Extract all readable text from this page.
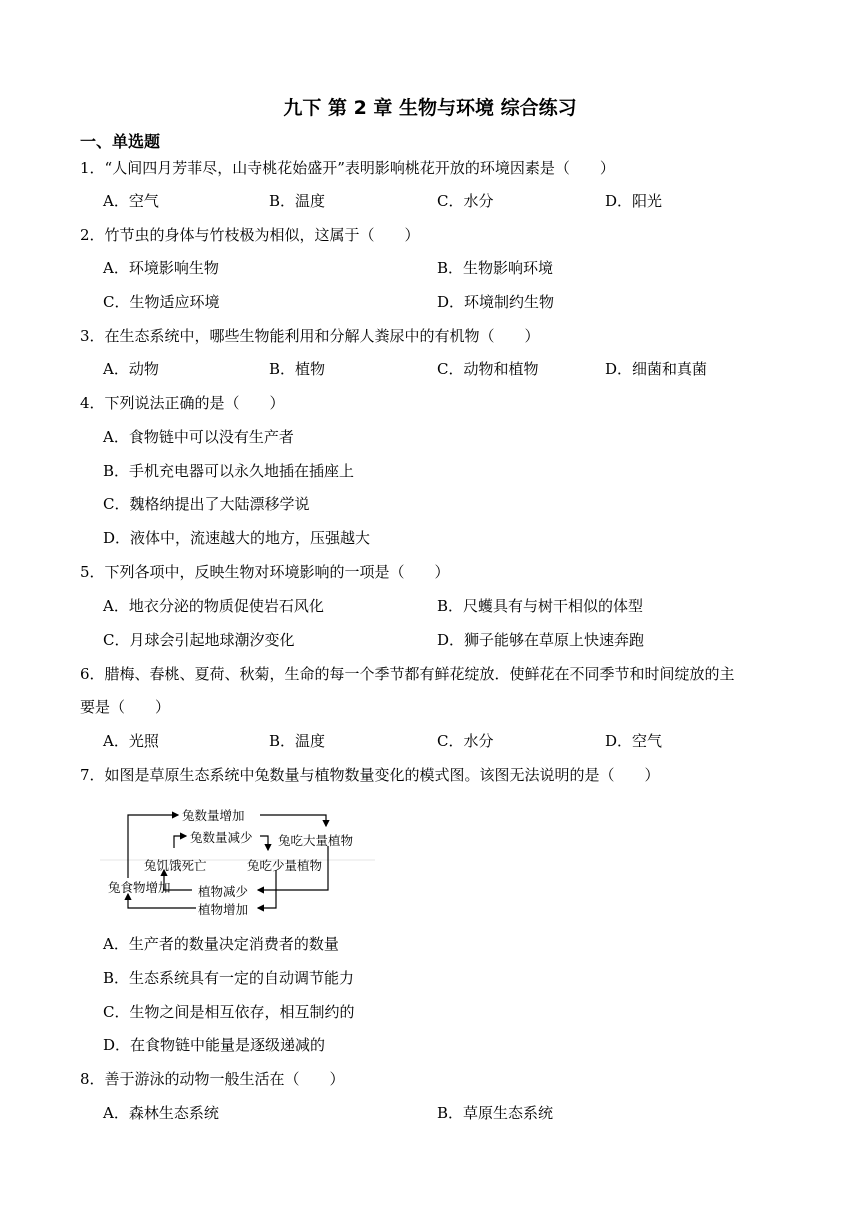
九下 第 2 章 生物与环境 综合练习
一、单选题
1．“人间四月芳菲尽，山寺桃花始盛开”表明影响桃花开放的环境因素是（　　）
A．空气	B．温度	C．水分	D．阳光
2．竹节虫的身体与竹枝极为相似，这属于（　　）
A．环境影响生物	B．生物影响环境
C．生物适应环境	D．环境制约生物
3．在生态系统中，哪些生物能利用和分解人粪尿中的有机物（　　）
A．动物	B．植物	C．动物和植物	D．细菌和真菌
4．下列说法正确的是（　　）
A．食物链中可以没有生产者
B．手机充电器可以永久地插在插座上
C．魏格纳提出了大陆漂移学说
D．液体中，流速越大的地方，压强越大
5．下列各项中，反映生物对环境影响的一项是（　　）
A．地衣分泌的物质促使岩石风化	B．尺蠖具有与树干相似的体型
C．月球会引起地球潮汐变化	D．狮子能够在草原上快速奔跑
6．腊梅、春桃、夏荷、秋菊，生命的每一个季节都有鲜花绽放．使鲜花在不同季节和时间绽放的主
要是（　　）
A．光照	B．温度	C．水分	D．空气
7．如图是草原生态系统中兔数量与植物数量变化的模式图。该图无法说明的是（　　）
兔数量增加
兔数量减少 兔吃大量植物
兔饥饿死亡	兔吃少量植物
兔食物增加 植物减少
植物增加
A．生产者的数量决定消费者的数量
B．生态系统具有一定的自动调节能力
C．生物之间是相互依存，相互制约的
D．在食物链中能量是逐级递减的
8．善于游泳的动物一般生活在（　　）
A．森林生态系统	B．草原生态系统
